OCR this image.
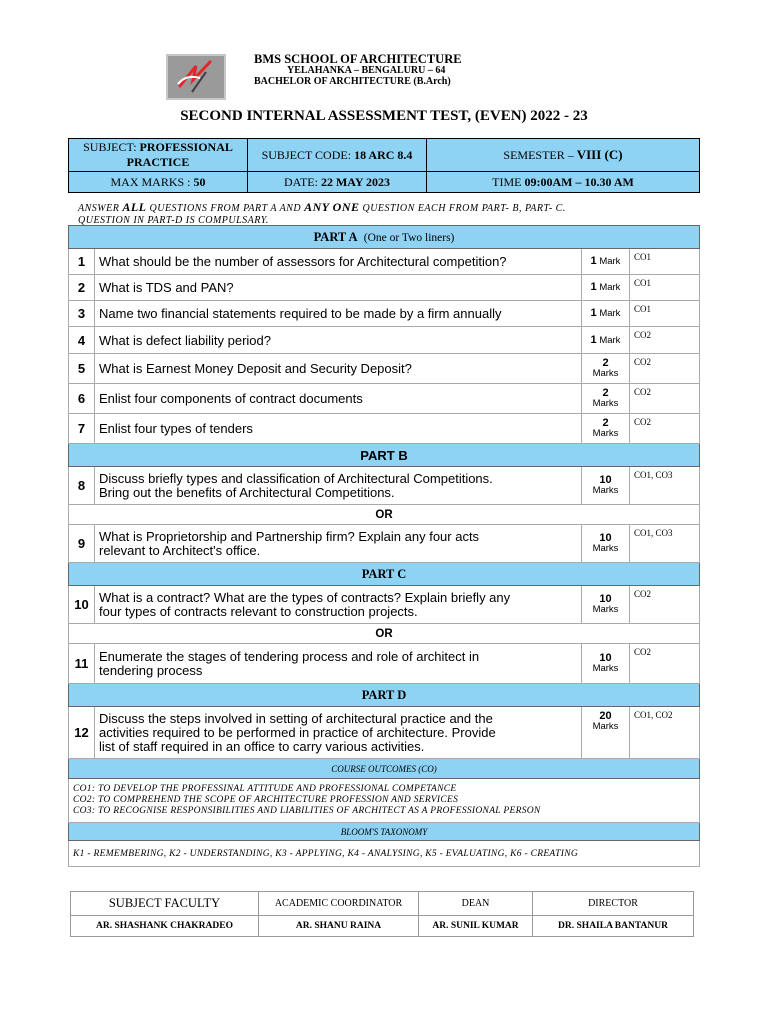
BMS SCHOOL OF ARCHITECTURE
YELAHANKA – BENGALURU – 64
BACHELOR OF ARCHITECTURE (B.Arch)
SECOND INTERNAL ASSESSMENT TEST, (EVEN) 2022 - 23
SUBJECT: PROFESSIONAL PRACTICE	SUBJECT CODE: 18 ARC 8.4	SEMESTER – VIII (C)
MAX MARKS : 50	DATE: 22 MAY 2023	TIME 09:00AM – 10.30 AM
ANSWER ALL QUESTIONS FROM PART A AND ANY ONE QUESTION EACH FROM PART- B, PART- C.
QUESTION IN PART-D IS COMPULSARY.
PART A (One or Two liners)			
1	What should be the number of assessors for Architectural competition?	1 Mark	CO1
2	What is TDS and PAN?	1 Mark	CO1
3	Name two financial statements required to be made by a firm annually	1 Mark	CO1
4	What is defect liability period?	1 Mark	CO2
5	What is Earnest Money Deposit and Security Deposit?	2
Marks	CO2
6	Enlist four components of contract documents	2
Marks	CO2
7	Enlist four types of tenders	2
Marks	CO2
PART B			
8	Discuss briefly types and classification of Architectural Competitions.
Bring out the benefits of Architectural Competitions.	10
Marks	CO1, CO3
OR			
9	What is Proprietorship and Partnership firm? Explain any four acts
relevant to Architect's office.	10
Marks	CO1, CO3
PART C			
10	What is a contract? What are the types of contracts? Explain briefly any
four types of contracts relevant to construction projects.	10
Marks	CO2
OR			
11	Enumerate the stages of tendering process and role of architect in
tendering process	10
Marks	CO2
PART D			
12	Discuss the steps involved in setting of architectural practice and the
activities required to be performed in practice of architecture. Provide
list of staff required in an office to carry various activities.	20
Marks	CO1, CO2
COURSE OUTCOMES (CO)			
CO1: TO DEVELOP THE PROFESSINAL ATTITUDE AND PROFESSIONAL COMPETANCE
CO2: TO COMPREHEND THE SCOPE OF ARCHITECTURE PROFESSION AND SERVICES
CO3: TO RECOGNISE RESPONSIBILITIES AND LIABILITIES OF ARCHITECT AS A PROFESSIONAL PERSON			
BLOOM'S TAXONOMY			
K1 - REMEMBERING, K2 - UNDERSTANDING, K3 - APPLYING, K4 - ANALYSING, K5 - EVALUATING, K6 - CREATING			
SUBJECT FACULTY	ACADEMIC COORDINATOR	DEAN	DIRECTOR
AR. SHASHANK CHAKRADEO	AR. SHANU RAINA	AR. SUNIL KUMAR	DR. SHAILA BANTANUR
